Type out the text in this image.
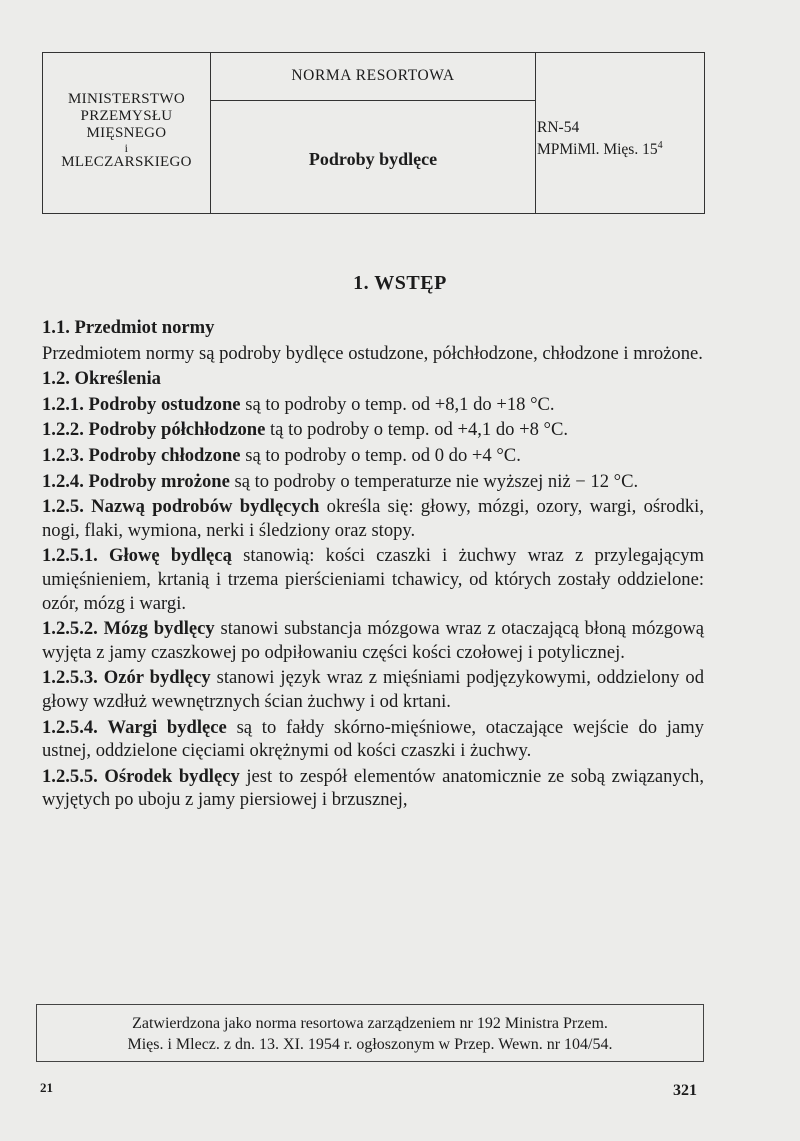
MINISTERSTWO
PRZEMYSŁU
MIĘSNEGO
i
MLECZARSKIEGO
NORMA RESORTOWA
Podroby bydlęce
RN-54
MPMiMl. Mięs. $15^4$
1. WSTĘP

1.1. Przedmiot normy

Przedmiotem normy są podroby bydlęce ostudzone, półchłodzone, chłodzone i mrożone.

1.2. Określenia

1.2.1. Podroby ostudzone są to podroby o temp. od +8,1 do +18 °C.

1.2.2. Podroby półchłodzone tą to podroby o temp. od +4,1 do +8 °C.

1.2.3. Podroby chłodzone są to podroby o temp. od 0 do +4 °C.

1.2.4. Podroby mrożone są to podroby o temperaturze nie wyższej niż − 12 °C.

1.2.5. Nazwą podrobów bydlęcych określa się: głowy, mózgi, ozory, wargi, ośrodki, nogi, flaki, wymiona, nerki i śledziony oraz stopy.

1.2.5.1. Głowę bydlęcą stanowią: kości czaszki i żuchwy wraz z przylegającym umięśnieniem, krtanią i trzema pierścieniami tchawicy, od których zostały oddzielone: ozór, mózg i wargi.

1.2.5.2. Mózg bydlęcy stanowi substancja mózgowa wraz z otaczającą błoną mózgową wyjęta z jamy czaszkowej po odpiłowaniu części kości czołowej i potylicznej.

1.2.5.3. Ozór bydlęcy stanowi język wraz z mięśniami podjęzykowymi, oddzielony od głowy wzdłuż wewnętrznych ścian żuchwy i od krtani.

1.2.5.4. Wargi bydlęce są to fałdy skórno-mięśniowe, otaczające wejście do jamy ustnej, oddzielone cięciami okrężnymi od kości czaszki i żuchwy.

1.2.5.5. Ośrodek bydlęcy jest to zespół elementów anatomicznie ze sobą związanych, wyjętych po uboju z jamy piersiowej i brzusznej,

Zatwierdzona jako norma resortowa zarządzeniem nr 192 Ministra Przem.
Mięs. i Mlecz. z dn. 13. XI. 1954 r. ogłoszonym w Przep. Wewn. nr 104/54.
21	321
